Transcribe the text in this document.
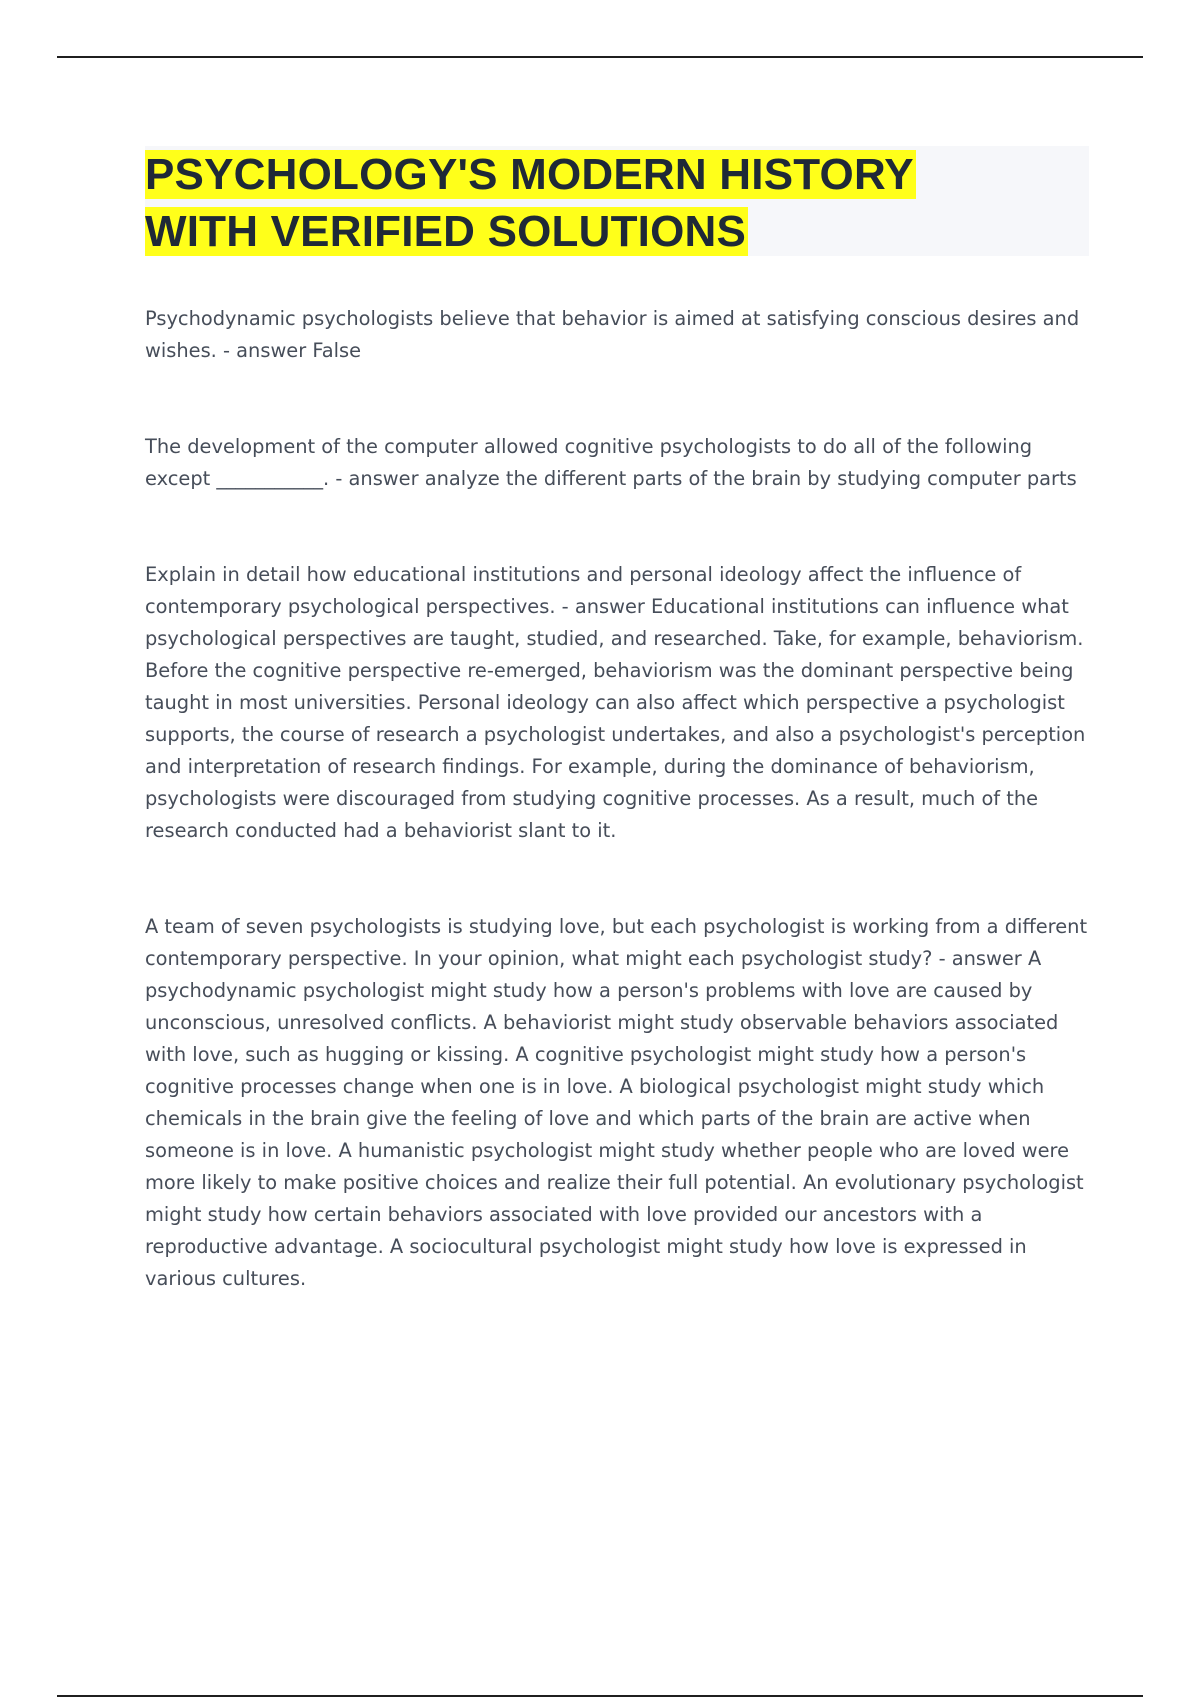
PSYCHOLOGY'S MODERN HISTORY
WITH VERIFIED SOLUTIONS

Psychodynamic psychologists believe that behavior is aimed at satisfying conscious desires and wishes. - answer False

The development of the computer allowed cognitive psychologists to do all of the following except ___________. - answer analyze the different parts of the brain by studying computer parts

Explain in detail how educational institutions and personal ideology affect the influence of contemporary psychological perspectives. - answer Educational institutions can influence what psychological perspectives are taught, studied, and researched. Take, for example, behaviorism. Before the cognitive perspective re-emerged, behaviorism was the dominant perspective being taught in most universities. Personal ideology can also affect which perspective a psychologist supports, the course of research a psychologist undertakes, and also a psychologist's perception and interpretation of research findings. For example, during the dominance of behaviorism, psychologists were discouraged from studying cognitive processes. As a result, much of the research conducted had a behaviorist slant to it.

A team of seven psychologists is studying love, but each psychologist is working from a different contemporary perspective. In your opinion, what might each psychologist study? - answer A psychodynamic psychologist might study how a person's problems with love are caused by unconscious, unresolved conflicts. A behaviorist might study observable behaviors associated with love, such as hugging or kissing. A cognitive psychologist might study how a person's cognitive processes change when one is in love. A biological psychologist might study which chemicals in the brain give the feeling of love and which parts of the brain are active when someone is in love. A humanistic psychologist might study whether people who are loved were more likely to make positive choices and realize their full potential. An evolutionary psychologist might study how certain behaviors associated with love provided our ancestors with a reproductive advantage. A sociocultural psychologist might study how love is expressed in various cultures.
